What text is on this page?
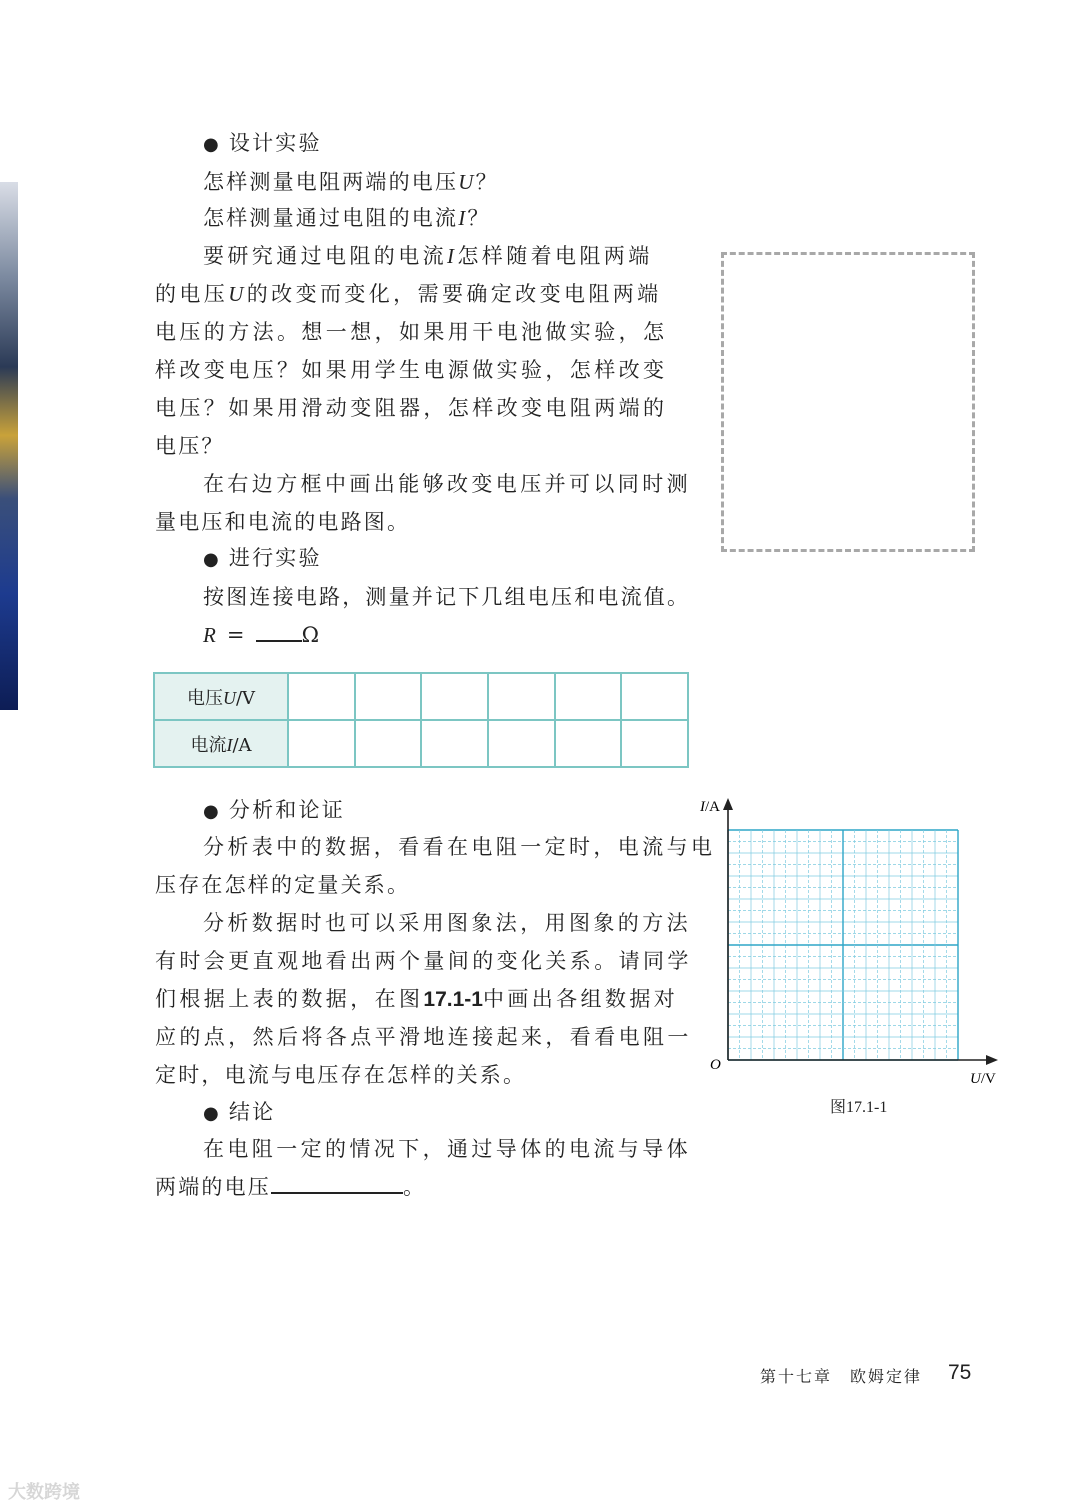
● 设计实验
怎样测量电阻两端的电压U？
怎样测量通过电阻的电流I？
要研究通过电阻的电流I怎样随着电阻两端
的电压U的改变而变化，需要确定改变电阻两端
电压的方法。想一想，如果用干电池做实验，怎
样改变电压？如果用学生电源做实验，怎样改变
电压？如果用滑动变阻器，怎样改变电阻两端的
电压？
在右边方框中画出能够改变电压并可以同时测
量电压和电流的电路图。
● 进行实验
按图连接电路，测量并记下几组电压和电流值。
R = Ω
电压U/V						
电流I/A						
● 分析和论证
分析表中的数据，看看在电阻一定时，电流与电
压存在怎样的定量关系。
分析数据时也可以采用图象法，用图象的方法
有时会更直观地看出两个量间的变化关系。请同学
们根据上表的数据，在图17.1-1中画出各组数据对
应的点，然后将各点平滑地连接起来，看看电阻一
定时，电流与电压存在怎样的关系。
● 结论
在电阻一定的情况下，通过导体的电流与导体
两端的电压	。
I/A
U/V
O
图17.1-1
第十七章　欧姆定律 75
大数跨境
